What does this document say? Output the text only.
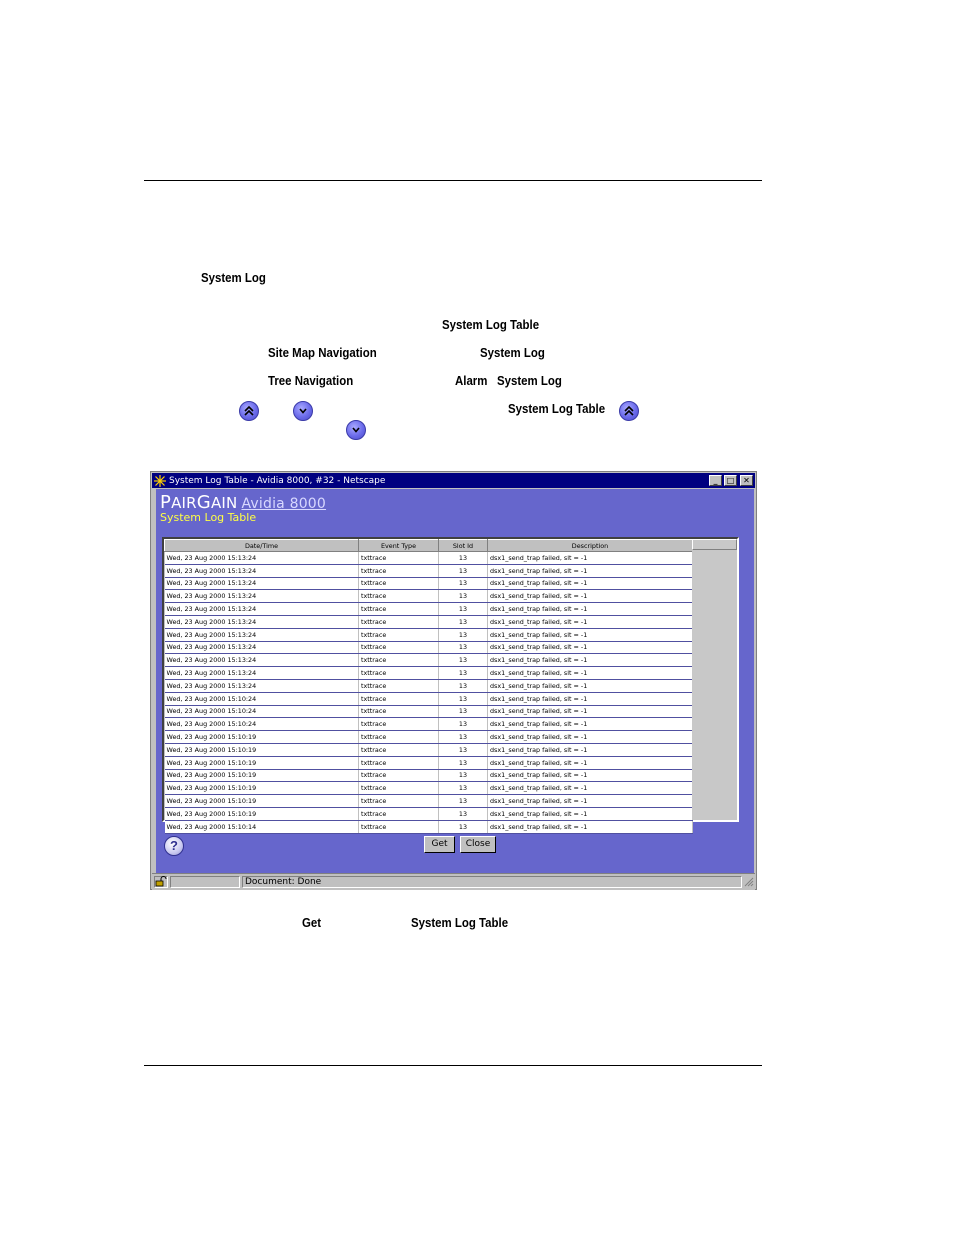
System Log
System Log Table
Site Map Navigation	System Log
Tree Navigation	Alarm System Log
System Log Table
Get	System Log Table
System Log Table - Avidia 8000, #32 - Netscape	_	□	✕
PAIRGAIN Avidia 8000
System Log Table
Date/Time	Event Type	Slot Id	Description
Wed, 23 Aug 2000 15:13:24	txttrace	13	dsx1_send_trap failed, slt = -1
Wed, 23 Aug 2000 15:13:24	txttrace	13	dsx1_send_trap failed, slt = -1
Wed, 23 Aug 2000 15:13:24	txttrace	13	dsx1_send_trap failed, slt = -1
Wed, 23 Aug 2000 15:13:24	txttrace	13	dsx1_send_trap failed, slt = -1
Wed, 23 Aug 2000 15:13:24	txttrace	13	dsx1_send_trap failed, slt = -1
Wed, 23 Aug 2000 15:13:24	txttrace	13	dsx1_send_trap failed, slt = -1
Wed, 23 Aug 2000 15:13:24	txttrace	13	dsx1_send_trap failed, slt = -1
Wed, 23 Aug 2000 15:13:24	txttrace	13	dsx1_send_trap failed, slt = -1
Wed, 23 Aug 2000 15:13:24	txttrace	13	dsx1_send_trap failed, slt = -1
Wed, 23 Aug 2000 15:13:24	txttrace	13	dsx1_send_trap failed, slt = -1
Wed, 23 Aug 2000 15:13:24	txttrace	13	dsx1_send_trap failed, slt = -1
Wed, 23 Aug 2000 15:10:24	txttrace	13	dsx1_send_trap failed, slt = -1
Wed, 23 Aug 2000 15:10:24	txttrace	13	dsx1_send_trap failed, slt = -1
Wed, 23 Aug 2000 15:10:24	txttrace	13	dsx1_send_trap failed, slt = -1
Wed, 23 Aug 2000 15:10:19	txttrace	13	dsx1_send_trap failed, slt = -1
Wed, 23 Aug 2000 15:10:19	txttrace	13	dsx1_send_trap failed, slt = -1
Wed, 23 Aug 2000 15:10:19	txttrace	13	dsx1_send_trap failed, slt = -1
Wed, 23 Aug 2000 15:10:19	txttrace	13	dsx1_send_trap failed, slt = -1
Wed, 23 Aug 2000 15:10:19	txttrace	13	dsx1_send_trap failed, slt = -1
Wed, 23 Aug 2000 15:10:19	txttrace	13	dsx1_send_trap failed, slt = -1
Wed, 23 Aug 2000 15:10:19	txttrace	13	dsx1_send_trap failed, slt = -1
Wed, 23 Aug 2000 15:10:14	txttrace	13	dsx1_send_trap failed, slt = -1
?	Get	Close
Document: Done
